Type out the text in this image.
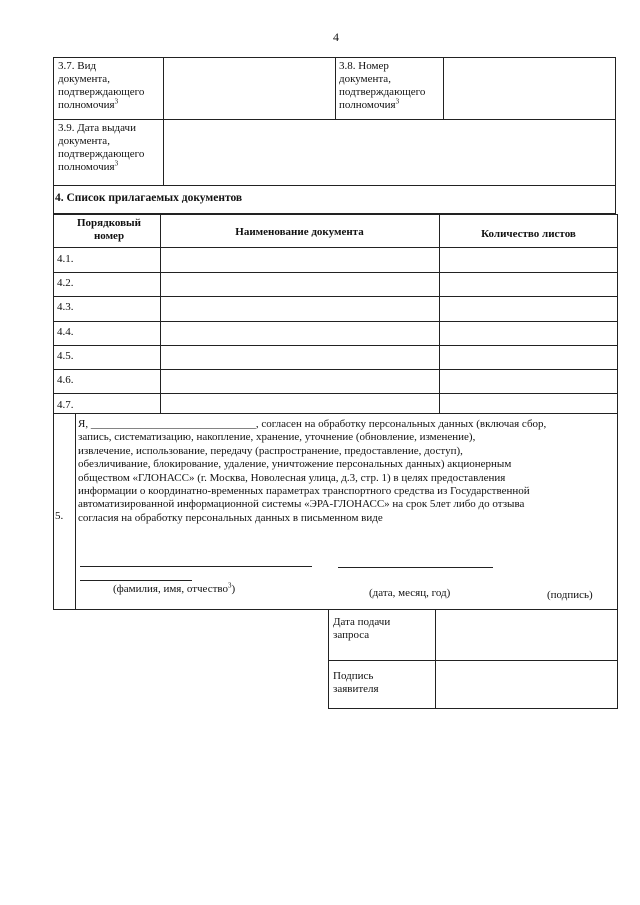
4
3.7. Вид
документа,
подтверждающего
полномочия$^3$
3.8. Номер
документа,
подтверждающего
полномочия$^3$
3.9. Дата выдачи
документа,
подтверждающего
полномочия$^3$
4. Список прилагаемых документов
Порядковый
номер	Наименование документа	Количество листов
4.1.
4.2.
4.3.
4.4.
4.5.
4.6.
4.7.
5.
Я, ______________________________, согласен на обработку персональных данных (включая сбор,
запись, систематизацию, накопление, хранение, уточнение (обновление, изменение),
извлечение, использование, передачу (распространение, предоставление, доступ),
обезличивание, блокирование, удаление, уничтожение персональных данных) акционерным
обществом «ГЛОНАСС» (г. Москва, Новолесная улица, д.3, стр. 1) в целях предоставления
информации о координатно-временных параметрах транспортного средства из Государственной
автоматизированной информационной системы «ЭРА-ГЛОНАСС» на срок 5лет либо до отзыва
согласия на обработку персональных данных в письменном виде
(фамилия, имя, отчество$^3$)	(дата, месяц, год)	(подпись)
Дата подачи
запроса
Подпись
заявителя
